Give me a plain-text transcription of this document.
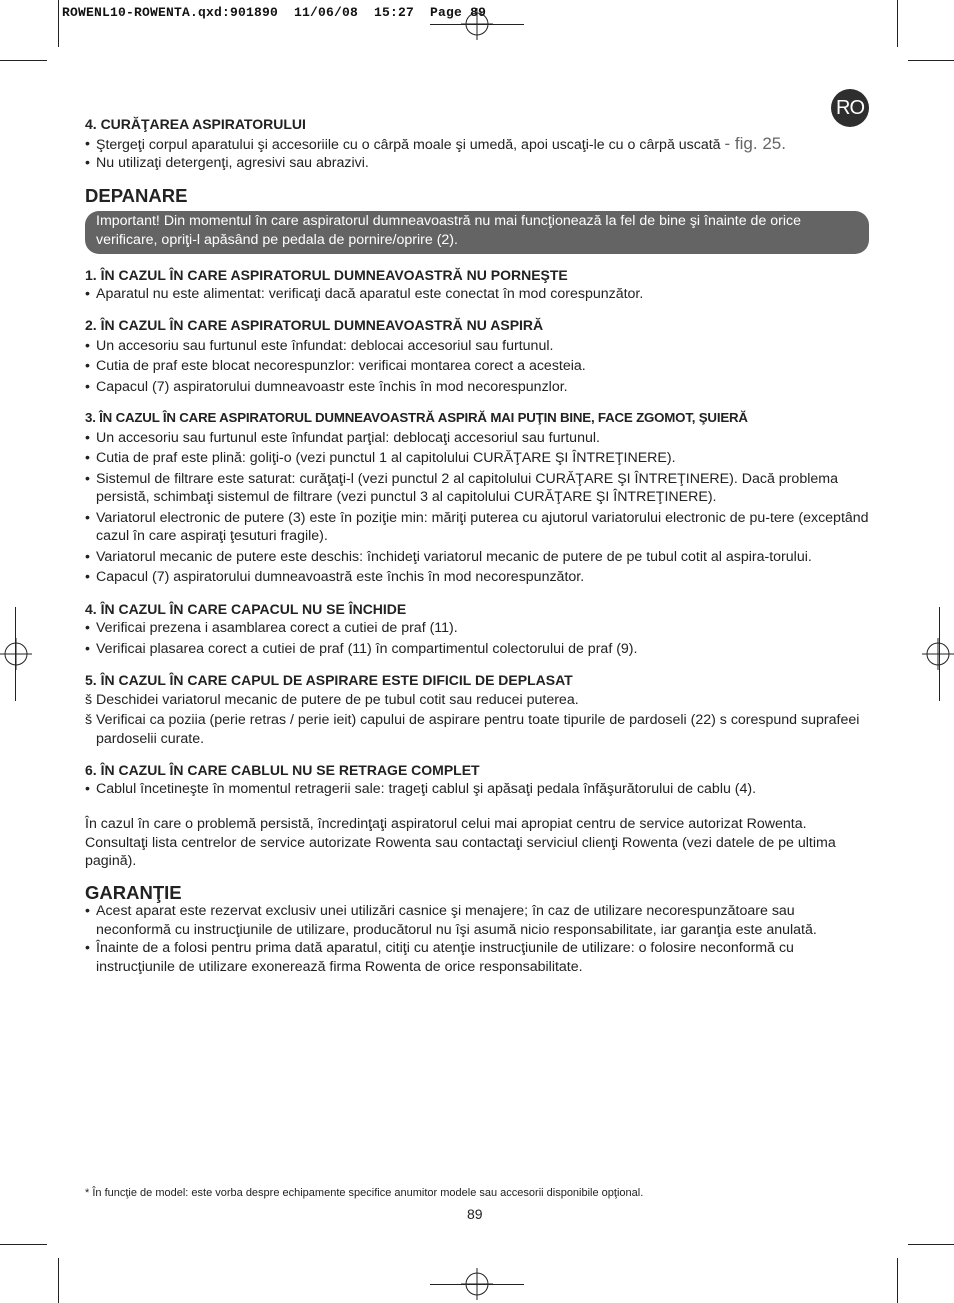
ROWENL10-ROWENTA.qxd:901890  11/06/08  15:27  Page 89
RO
4. CURĂŢAREA ASPIRATORULUI
• Ştergeţi corpul aparatului şi accesoriile cu o cârpă moale şi umedă, apoi uscaţi-le cu o cârpă uscată - fig. 25.
• Nu utilizaţi detergenţi, agresivi sau abrazivi.
DEPANARE
Important! Din momentul în care aspiratorul dumneavoastră nu mai funcţionează la fel de bine şi înainte de orice verificare, opriţi-l apăsând pe pedala de pornire/oprire (2).
1. ÎN CAZUL ÎN CARE ASPIRATORUL DUMNEAVOASTRĂ NU PORNEŞTE
• Aparatul nu este alimentat: verificaţi dacă aparatul este conectat în mod corespunzător.
2. ÎN CAZUL ÎN CARE ASPIRATORUL DUMNEAVOASTRĂ NU ASPIRĂ
• Un accesoriu sau furtunul este înfundat: deblocai accesoriul sau furtunul.
• Cutia de praf este blocat necorespunzlor: verificai montarea corect a acesteia.
• Capacul (7) aspiratorului dumneavoastr este închis în mod necorespunzlor.
3. ÎN CAZUL ÎN CARE ASPIRATORUL DUMNEAVOASTRĂ ASPIRĂ MAI PUŢIN BINE, FACE ZGOMOT, ŞUIERĂ
• Un accesoriu sau furtunul este înfundat parţial: deblocaţi accesoriul sau furtunul.
• Cutia de praf este plină: goliţi-o (vezi punctul 1 al capitolului CURĂŢARE ŞI ÎNTREŢINERE).
• Sistemul de filtrare este saturat: curăţaţi-l (vezi punctul 2 al capitolului CURĂŢARE ŞI ÎNTREŢINERE). Dacă problema persistă, schimbaţi sistemul de filtrare (vezi punctul 3 al capitolului CURĂŢARE ŞI ÎNTREŢINERE).
• Variatorul electronic de putere (3) este în poziţie min: măriţi puterea cu ajutorul variatorului electronic de pu-tere (exceptând cazul în care aspiraţi ţesuturi fragile).
• Variatorul mecanic de putere este deschis: închideţi variatorul mecanic de putere de pe tubul cotit al aspira-torului.
• Capacul (7) aspiratorului dumneavoastră este închis în mod necorespunzător.
4. ÎN CAZUL ÎN CARE CAPACUL NU SE ÎNCHIDE
• Verificai prezena i asamblarea corect a cutiei de praf (11).
• Verificai plasarea corect a cutiei de praf (11) în compartimentul colectorului de praf (9).
5. ÎN CAZUL ÎN CARE CAPUL DE ASPIRARE ESTE DIFICIL DE DEPLASAT
š Deschidei variatorul mecanic de putere de pe tubul cotit sau reducei puterea.
š Verificai ca poziia (perie retras / perie ieit) capului de aspirare pentru toate tipurile de pardoseli (22) s corespund suprafeei pardoselii curate.
6. ÎN CAZUL ÎN CARE CABLUL NU SE RETRAGE COMPLET
• Cablul încetineşte în momentul retragerii sale: trageţi cablul şi apăsaţi pedala înfăşurătorului de cablu (4).

În cazul în care o problemă persistă, încredinţaţi aspiratorul celui mai apropiat centru de service autorizat Rowenta.

Consultaţi lista centrelor de service autorizate Rowenta sau contactaţi serviciul clienţi Rowenta (vezi datele de pe ultima pagină).

GARANŢIE
• Acest aparat este rezervat exclusiv unei utilizări casnice şi menajere; în caz de utilizare necorespunzătoare sau neconformă cu instrucţiunile de utilizare, producătorul nu îşi asumă nicio responsabilitate, iar garanţia este anulată.
• Înainte de a folosi pentru prima dată aparatul, citiţi cu atenţie instrucţiunile de utilizare: o folosire neconformă cu instrucţiunile de utilizare exonerează firma Rowenta de orice responsabilitate.
* În funcţie de model: este vorba despre echipamente specifice anumitor modele sau accesorii disponibile opţional.
89
